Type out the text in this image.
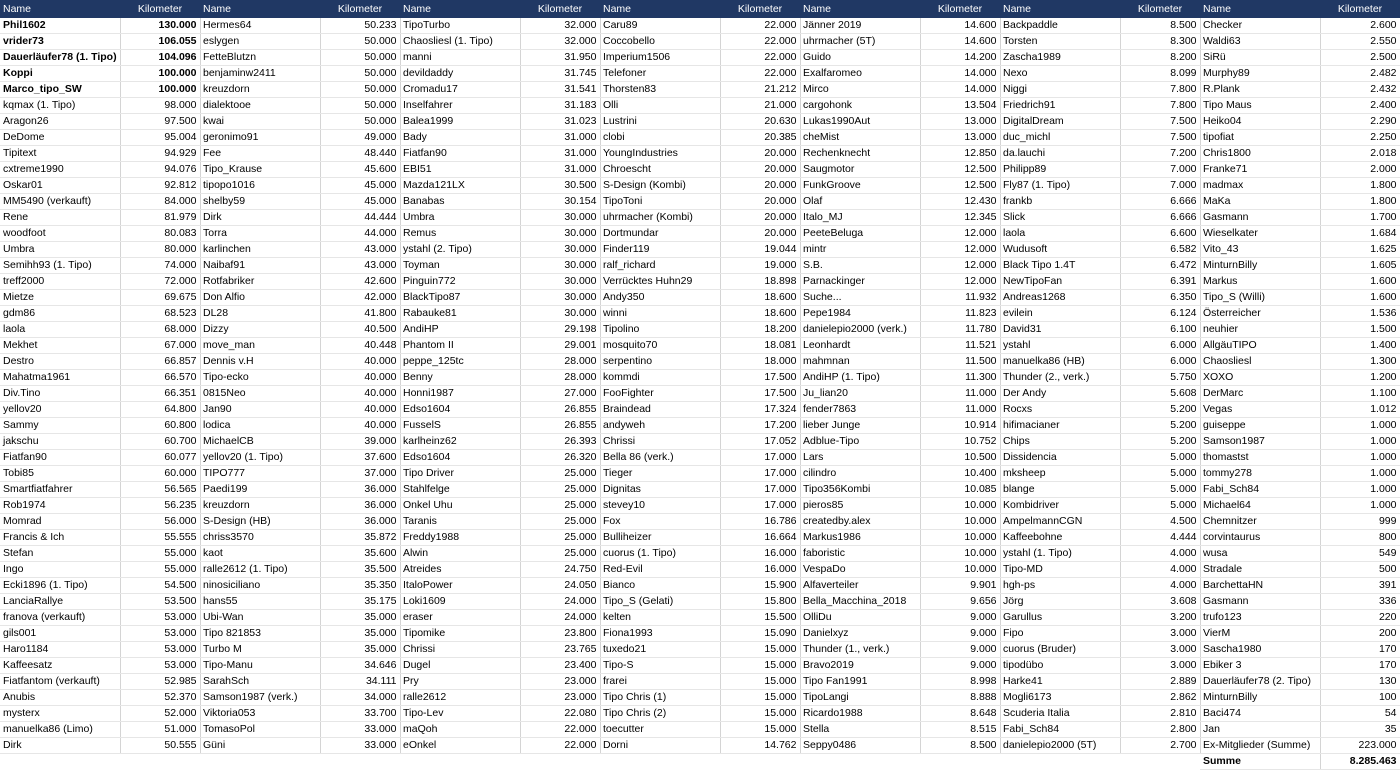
Name	Kilometer
Phil1602	130.000
vrider73	106.055
Dauerläufer78 (1. Tipo)	104.096
Koppi	100.000
Marco_tipo_SW	100.000
kqmax (1. Tipo)	98.000
Aragon26	97.500
DeDome	95.004
Tipitext	94.929
cxtreme1990	94.076
Oskar01	92.812
MM5490 (verkauft)	84.000
Rene	81.979
woodfoot	80.083
Umbra	80.000
Semihh93 (1. Tipo)	74.000
treff2000	72.000
Mietze	69.675
gdm86	68.523
laola	68.000
Mekhet	67.000
Destro	66.857
Mahatma1961	66.570
Div.Tino	66.351
yellov20	64.800
Sammy	60.800
jakschu	60.700
Fiatfan90	60.077
Tobi85	60.000
Smartfiatfahrer	56.565
Rob1974	56.235
Momrad	56.000
Francis & Ich	55.555
Stefan	55.000
Ingo	55.000
Ecki1896 (1. Tipo)	54.500
LanciaRallye	53.500
franova (verkauft)	53.000
gils001	53.000
Haro1184	53.000
Kaffeesatz	53.000
Fiatfantom (verkauft)	52.985
Anubis	52.370
mysterx	52.000
manuelka86 (Limo)	51.000
Dirk	50.555
Name	Kilometer
Hermes64	50.233
eslygen	50.000
FetteBlutzn	50.000
benjaminw2411	50.000
kreuzdorn	50.000
dialektooe	50.000
kwai	50.000
geronimo91	49.000
Fee	48.440
Tipo_Krause	45.600
tipopo1016	45.000
shelby59	45.000
Dirk	44.444
Torra	44.000
karlinchen	43.000
Naibaf91	43.000
Rotfabriker	42.600
Don Alfio	42.000
DL28	41.800
Dizzy	40.500
move_man	40.448
Dennis v.H	40.000
Tipo-ecko	40.000
0815Neo	40.000
Jan90	40.000
lodica	40.000
MichaelCB	39.000
yellov20 (1. Tipo)	37.600
TIPO777	37.000
Paedi199	36.000
kreuzdorn	36.000
S-Design (HB)	36.000
chriss3570	35.872
kaot	35.600
ralle2612 (1. Tipo)	35.500
ninosiciliano	35.350
hans55	35.175
Ubi-Wan	35.000
Tipo 821853	35.000
Turbo M	35.000
Tipo-Manu	34.646
SarahSch	34.111
Samson1987 (verk.)	34.000
Viktoria053	33.700
TomasoPol	33.000
Güni	33.000
Name	Kilometer
TipoTurbo	32.000
Chaosliesl (1. Tipo)	32.000
manni	31.950
devildaddy	31.745
Cromadu17	31.541
Inselfahrer	31.183
Balea1999	31.023
Bady	31.000
Fiatfan90	31.000
EBI51	31.000
Mazda121LX	30.500
Banabas	30.154
Umbra	30.000
Remus	30.000
ystahl (2. Tipo)	30.000
Toyman	30.000
Pinguin772	30.000
BlackTipo87	30.000
Rabauke81	30.000
AndiHP	29.198
Phantom II	29.001
peppe_125tc	28.000
Benny	28.000
Honni1987	27.000
Edso1604	26.855
FusselS	26.855
karlheinz62	26.393
Edso1604	26.320
Tipo Driver	25.000
Stahlfelge	25.000
Onkel Uhu	25.000
Taranis	25.000
Freddy1988	25.000
Alwin	25.000
Atreides	24.750
ItaloPower	24.050
Loki1609	24.000
eraser	24.000
Tipomike	23.800
Chrissi	23.765
Dugel	23.400
Pry	23.000
ralle2612	23.000
Tipo-Lev	22.080
maQoh	22.000
eOnkel	22.000
Name	Kilometer
Caru89	22.000
Coccobello	22.000
Imperium1506	22.000
Telefoner	22.000
Thorsten83	21.212
Olli	21.000
Lustrini	20.630
clobi	20.385
YoungIndustries	20.000
Chroescht	20.000
S-Design (Kombi)	20.000
TipoToni	20.000
uhrmacher (Kombi)	20.000
Dortmundar	20.000
Finder119	19.044
ralf_richard	19.000
Verrücktes Huhn29	18.898
Andy350	18.600
winni	18.600
Tipolino	18.200
mosquito70	18.081
serpentino	18.000
kommdi	17.500
FooFighter	17.500
Braindead	17.324
andyweh	17.200
Chrissi	17.052
Bella 86 (verk.)	17.000
Tieger	17.000
Dignitas	17.000
stevey10	17.000
Fox	16.786
Bulliheizer	16.664
cuorus (1. Tipo)	16.000
Red-Evil	16.000
Bianco	15.900
Tipo_S (Gelati)	15.800
kelten	15.500
Fiona1993	15.090
tuxedo21	15.000
Tipo-S	15.000
frarei	15.000
Tipo Chris (1)	15.000
Tipo Chris (2)	15.000
toecutter	15.000
Dorni	14.762
Name	Kilometer
Jänner 2019	14.600
uhrmacher (5T)	14.600
Guido	14.200
Exalfaromeo	14.000
Mirco	14.000
cargohonk	13.504
Lukas1990Aut	13.000
cheMist	13.000
Rechenknecht	12.850
Saugmotor	12.500
FunkGroove	12.500
Olaf	12.430
Italo_MJ	12.345
PeeteBeluga	12.000
mintr	12.000
S.B.	12.000
Parnackinger	12.000
Suche...	11.932
Pepe1984	11.823
danielepio2000 (verk.)	11.780
Leonhardt	11.521
mahmnan	11.500
AndiHP (1. Tipo)	11.300
Ju_lian20	11.000
fender7863	11.000
lieber Junge	10.914
Adblue-Tipo	10.752
Lars	10.500
cilindro	10.400
Tipo356Kombi	10.085
pieros85	10.000
createdby.alex	10.000
Markus1986	10.000
faboristic	10.000
VespaDo	10.000
Alfaverteiler	9.901
Bella_Macchina_2018	9.656
OlliDu	9.000
Danielxyz	9.000
Thunder (1., verk.)	9.000
Bravo2019	9.000
Tipo Fan1991	8.998
TipoLangi	8.888
Ricardo1988	8.648
Stella	8.515
Seppy0486	8.500
Name	Kilometer
Backpaddle	8.500
Torsten	8.300
Zascha1989	8.200
Nexo	8.099
Niggi	7.800
Friedrich91	7.800
DigitalDream	7.500
duc_michl	7.500
da.lauchi	7.200
Philipp89	7.000
Fly87 (1. Tipo)	7.000
frankb	6.666
Slick	6.666
laola	6.600
Wudusoft	6.582
Black Tipo 1.4T	6.472
NewTipoFan	6.391
Andreas1268	6.350
evilein	6.124
David31	6.100
ystahl	6.000
manuelka86 (HB)	6.000
Thunder (2., verk.)	5.750
Der Andy	5.608
Rocxs	5.200
hifimacianer	5.200
Chips	5.200
Dissidencia	5.000
mksheep	5.000
blange	5.000
Kombidriver	5.000
AmpelmannCGN	4.500
Kaffeebohne	4.444
ystahl (1. Tipo)	4.000
Tipo-MD	4.000
hgh-ps	4.000
Jörg	3.608
Garullus	3.200
Fipo	3.000
cuorus (Bruder)	3.000
tipodübo	3.000
Harke41	2.889
Mogli6173	2.862
Scuderia Italia	2.810
Fabi_Sch84	2.800
danielepio2000 (5T)	2.700
Name	Kilometer
Checker	2.600
Waldi63	2.550
SiRü	2.500
Murphy89	2.482
R.Plank	2.432
Tipo Maus	2.400
Heiko04	2.290
tipofiat	2.250
Chris1800	2.018
Franke71	2.000
madmax	1.800
MaKa	1.800
Gasmann	1.700
Wieselkater	1.684
Vito_43	1.625
MinturnBilly	1.605
Markus	1.600
Tipo_S (Willi)	1.600
Österreicher	1.536
neuhier	1.500
AllgäuTIPO	1.400
Chaosliesl	1.300
XOXO	1.200
DerMarc	1.100
Vegas	1.012
guiseppe	1.000
Samson1987	1.000
thomastst	1.000
tommy278	1.000
Fabi_Sch84	1.000
Michael64	1.000
Chemnitzer	999
corvintaurus	800
wusa	549
Stradale	500
BarchettaHN	391
Gasmann	336
trufo123	220
VierM	200
Sascha1980	170
Ebiker 3	170
Dauerläufer78 (2. Tipo)	130
MinturnBilly	100
Baci474	54
Jan	35
Ex-Mitglieder (Summe)	223.000
Summe	8.285.463
